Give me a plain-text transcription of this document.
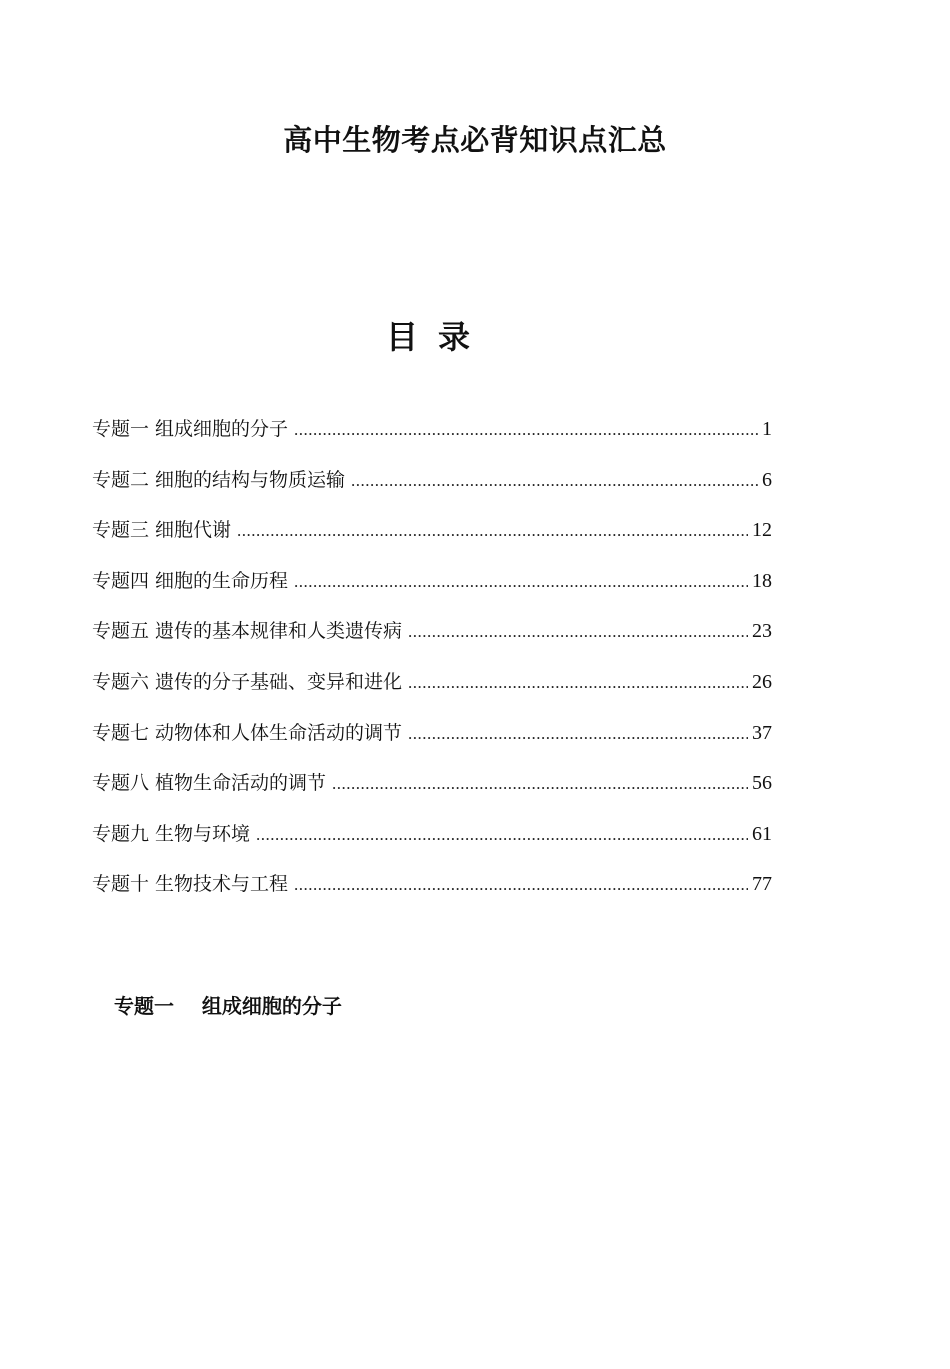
高中生物考点必背知识点汇总
目录
专题一 组成细胞的分子 .....	1
专题二 细胞的结构与物质运输 .....	6
专题三 细胞代谢 .....	12
专题四 细胞的生命历程 .....	18
专题五 遗传的基本规律和人类遗传病 .....	23
专题六 遗传的分子基础、变异和进化 .....	26
专题七 动物体和人体生命活动的调节 .....	37
专题八 植物生命活动的调节 .....	56
专题九 生物与环境 .....	61
专题十 生物技术与工程 .....	77
专题一    组成细胞的分子
